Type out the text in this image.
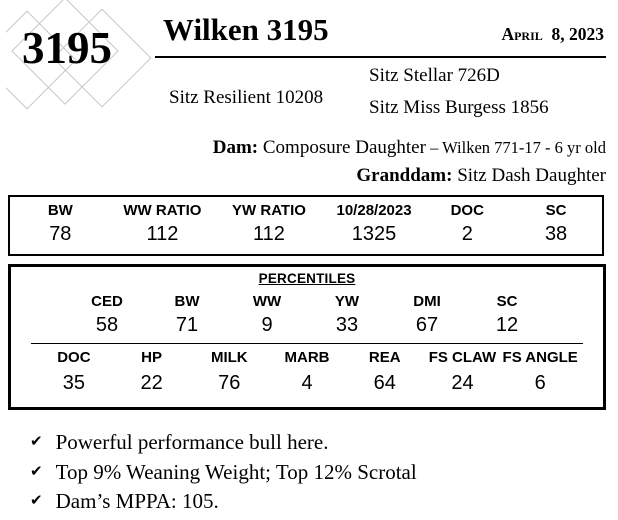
3195 Wilken 3195	April  8, 2023
Sitz Resilient 10208
Sitz Stellar 726D
Sitz Miss Burgess 1856
Dam: Composure Daughter – Wilken 771-17 - 6 yr old
Granddam: Sitz Dash Daughter
BW
78
WW RATIO
112
YW RATIO
112
10/28/2023
1325
DOC
2
SC
38
PERCENTILES
CED
58
BW
71
WW
9
YW
33
DMI
67
SC
12
DOC
35
HP
22
MILK
76
MARB
4
REA
64
FS CLAW
24
FS ANGLE
6
✔ Powerful performance bull here.
✔ Top 9% Weaning Weight; Top 12% Scrotal
✔ Dam’s MPPA: 105.
